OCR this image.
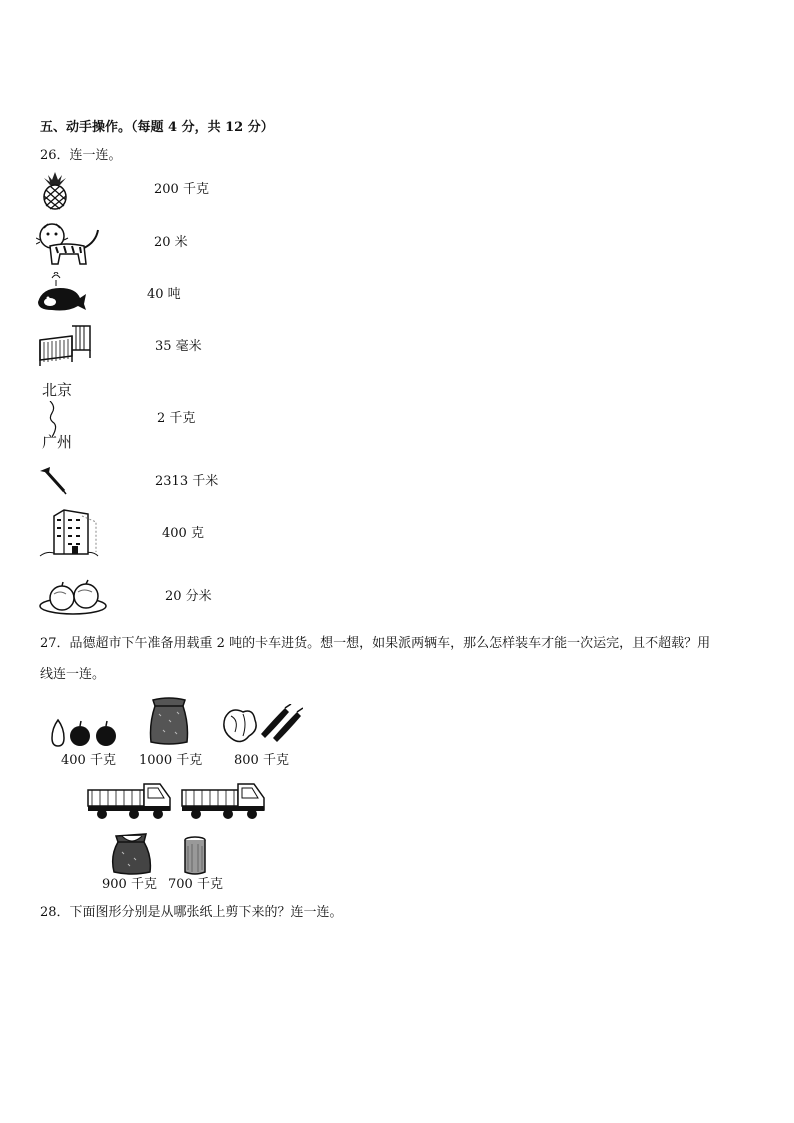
五、动手操作。（每题 4 分，共 12 分）
26．连一连。
200 千克
20 米
40 吨
35 毫米
北京
广州
2 千克
2313 千米
400 克
20 分米
27．品德超市下午准备用载重 2 吨的卡车进货。想一想，如果派两辆车，那么怎样装车才能一次运完，且不超载？用
线连一连。
400 千克 1000 千克 800 千克
900 千克 700 千克
28．下面图形分别是从哪张纸上剪下来的？连一连。
